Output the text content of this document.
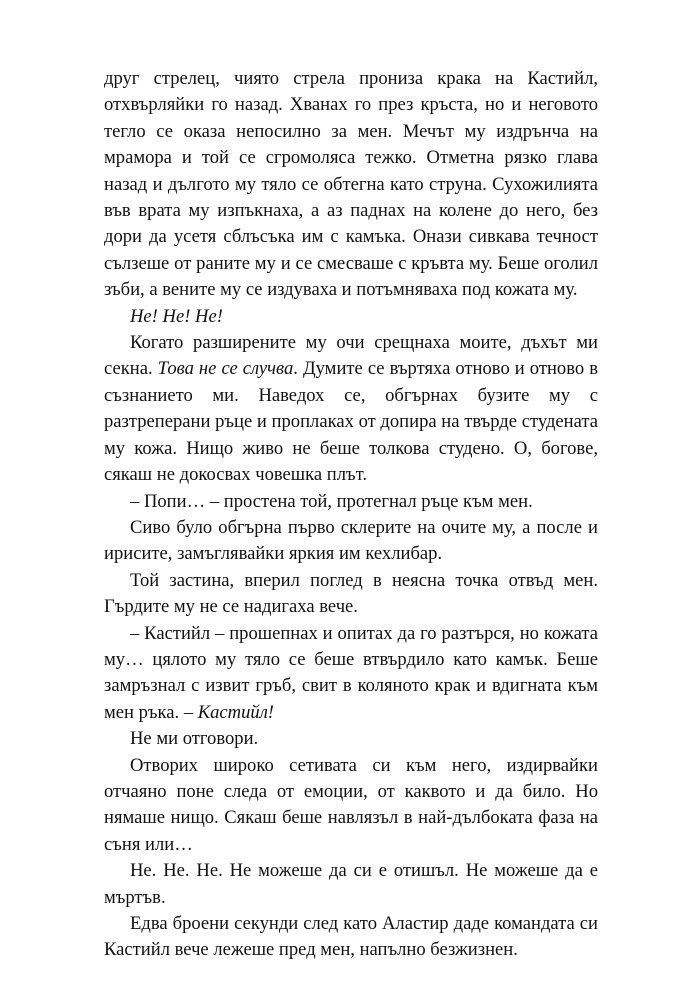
друг стрелец, чиято стрела прониза крака на Кастийл, отхвърляйки го назад. Хванах го през кръста, но и неговото тегло се оказа непосилно за мен. Мечът му издрънча на мрамора и той се сгромоляса тежко. Отметна рязко глава назад и дългото му тяло се обтегна като струна. Сухожилията във врата му изпъкнаха, а аз паднах на колене до него, без дори да усетя сблъсъка им с камъка. Онази сивкава течност сълзеше от раните му и се смесваше с кръвта му. Беше оголил зъби, а вените му се издуваха и потъмняваха под кожата му.

Не! Не! Не!

Когато разширените му очи срещнаха моите, дъхът ми секна. Това не се случва. Думите се въртяха отново и отново в съзнанието ми. Наведох се, обгърнах бузите му с разтреперани ръце и проплаках от допира на твърде студената му кожа. Нищо живо не беше толкова студено. О, богове, сякаш не докосвах човешка плът.

– Попи… – простена той, протегнал ръце към мен.

Сиво було обгърна първо склерите на очите му, а после и ирисите, замъглявайки яркия им кехлибар.

Той застина, вперил поглед в неясна точка отвъд мен. Гърдите му не се надигаха вече.

– Кастийл – прошепнах и опитах да го разтърся, но кожата му… цялото му тяло се беше втвърдило като камък. Беше замръзнал с извит гръб, свит в коляното крак и вдигната към мен ръка. – Кастийл!

Не ми отговори.

Отворих широко сетивата си към него, издирвайки отчаяно поне следа от емоции, от каквото и да било. Но нямаше нищо. Сякаш беше навлязъл в най-дълбоката фаза на съня или…

Не. Не. Не. Не можеше да си е отишъл. Не можеше да е мъртъв.

Едва броени секунди след като Аластир даде командата си Кастийл вече лежеше пред мен, напълно безжизнен.
